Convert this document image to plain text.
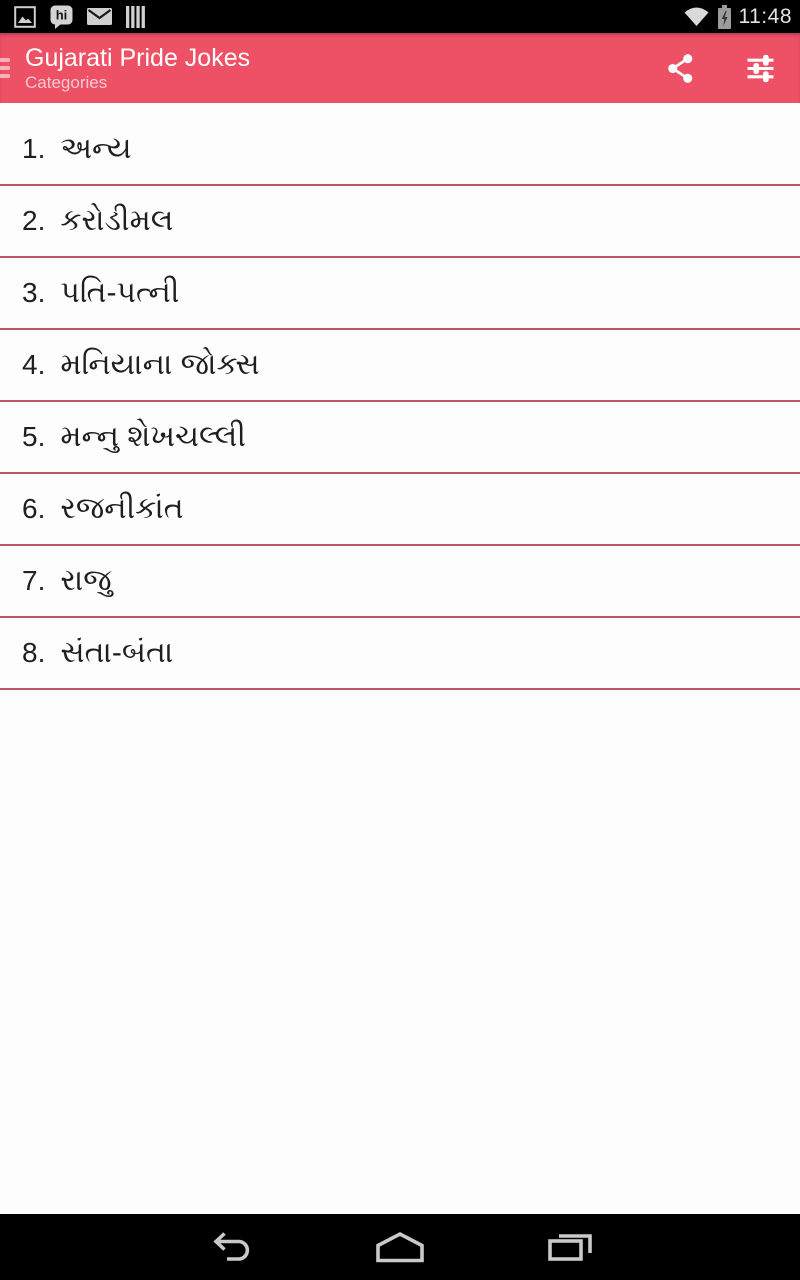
hi	11:48
Gujarati Pride Jokes
Categories
1. અન્ય
2. કરોડીમલ
3. પતિ-પત્ની
4. મનિયાના જોક્સ
5. મન્નુ શેખચલ્લી
6. રજનીકાંત
7. રાજુ
8. સંતા-બંતા
